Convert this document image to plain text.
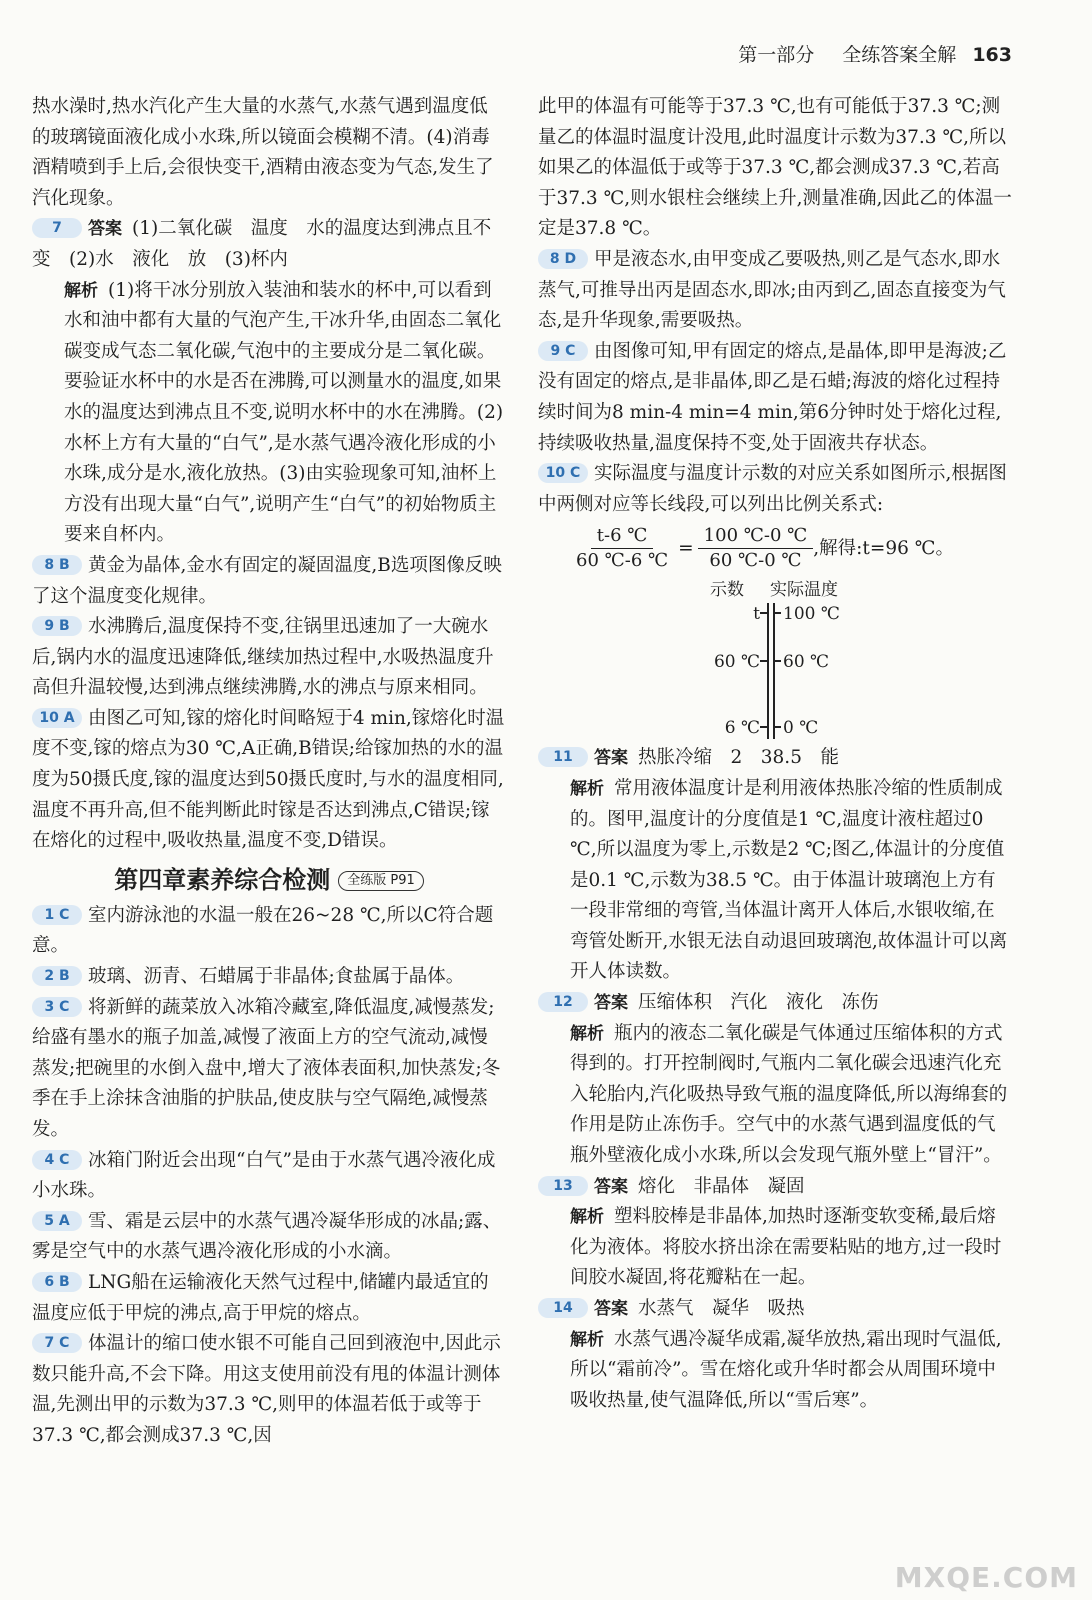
第一部分 全练答案全解 163
热水澡时,热水汽化产生大量的水蒸气,水蒸气遇到温度低的玻璃镜面液化成小水珠,所以镜面会模糊不清。(4)消毒酒精喷到手上后,会很快变干,酒精由液态变为气态,发生了汽化现象。
7 答案 (1)二氧化碳　温度　水的温度达到沸点且不变　(2)水　液化　放　(3)杯内
解析 (1)将干冰分别放入装油和装水的杯中,可以看到水和油中都有大量的气泡产生,干冰升华,由固态二氧化碳变成气态二氧化碳,气泡中的主要成分是二氧化碳。要验证水杯中的水是否在沸腾,可以测量水的温度,如果水的温度达到沸点且不变,说明水杯中的水在沸腾。(2)水杯上方有大量的“白气”,是水蒸气遇冷液化形成的小水珠,成分是水,液化放热。(3)由实验现象可知,油杯上方没有出现大量“白气”,说明产生“白气”的初始物质主要来自杯内。
8 B 黄金为晶体,金水有固定的凝固温度,B选项图像反映了这个温度变化规律。
9 B 水沸腾后,温度保持不变,往锅里迅速加了一大碗水后,锅内水的温度迅速降低,继续加热过程中,水吸热温度升高但升温较慢,达到沸点继续沸腾,水的沸点与原来相同。
10 A 由图乙可知,镓的熔化时间略短于4 min,镓熔化时温度不变,镓的熔点为30 ℃,A正确,B错误;给镓加热的水的温度为50摄氏度,镓的温度达到50摄氏度时,与水的温度相同,温度不再升高,但不能判断此时镓是否达到沸点,C错误;镓在熔化的过程中,吸收热量,温度不变,D错误。
第四章素养综合检测 全练版 P91
1 C 室内游泳池的水温一般在26~28 ℃,所以C符合题意。
2 B 玻璃、沥青、石蜡属于非晶体;食盐属于晶体。
3 C 将新鲜的蔬菜放入冰箱冷藏室,降低温度,减慢蒸发;给盛有墨水的瓶子加盖,减慢了液面上方的空气流动,减慢蒸发;把碗里的水倒入盘中,增大了液体表面积,加快蒸发;冬季在手上涂抹含油脂的护肤品,使皮肤与空气隔绝,减慢蒸发。
4 C 冰箱门附近会出现“白气”是由于水蒸气遇冷液化成小水珠。
5 A 雪、霜是云层中的水蒸气遇冷凝华形成的冰晶;露、雾是空气中的水蒸气遇冷液化形成的小水滴。
6 B LNG船在运输液化天然气过程中,储罐内最适宜的温度应低于甲烷的沸点,高于甲烷的熔点。
7 C 体温计的缩口使水银不可能自己回到液泡中,因此示数只能升高,不会下降。用这支使用前没有甩的体温计测体温,先测出甲的示数为37.3 ℃,则甲的体温若低于或等于37.3 ℃,都会测成37.3 ℃,因
此甲的体温有可能等于37.3 ℃,也有可能低于37.3 ℃;测量乙的体温时温度计没甩,此时温度计示数为37.3 ℃,所以如果乙的体温低于或等于37.3 ℃,都会测成37.3 ℃,若高于37.3 ℃,则水银柱会继续上升,测量准确,因此乙的体温一定是37.8 ℃。
8 D 甲是液态水,由甲变成乙要吸热,则乙是气态水,即水蒸气,可推导出丙是固态水,即冰;由丙到乙,固态直接变为气态,是升华现象,需要吸热。
9 C 由图像可知,甲有固定的熔点,是晶体,即甲是海波;乙没有固定的熔点,是非晶体,即乙是石蜡;海波的熔化过程持续时间为8 min-4 min=4 min,第6分钟时处于熔化过程,持续吸收热量,温度保持不变,处于固液共存状态。
10 C 实际温度与温度计示数的对应关系如图所示,根据图中两侧对应等长线段,可以列出比例关系式:
$\frac{t-6 ℃}{60 ℃-6 ℃} = \frac{100 ℃-0 ℃}{60 ℃-0 ℃}$ ,解得:t=96 ℃。
示数 实际温度
t
60 ℃
6 ℃
100 ℃
60 ℃
0 ℃
11 答案 热胀冷缩　2　38.5　能
解析 常用液体温度计是利用液体热胀冷缩的性质制成的。图甲,温度计的分度值是1 ℃,温度计液柱超过0 ℃,所以温度为零上,示数是2 ℃;图乙,体温计的分度值是0.1 ℃,示数为38.5 ℃。由于体温计玻璃泡上方有一段非常细的弯管,当体温计离开人体后,水银收缩,在弯管处断开,水银无法自动退回玻璃泡,故体温计可以离开人体读数。
12 答案 压缩体积　汽化　液化　冻伤
解析 瓶内的液态二氧化碳是气体通过压缩体积的方式得到的。打开控制阀时,气瓶内二氧化碳会迅速汽化充入轮胎内,汽化吸热导致气瓶的温度降低,所以海绵套的作用是防止冻伤手。空气中的水蒸气遇到温度低的气瓶外壁液化成小水珠,所以会发现气瓶外壁上“冒汗”。
13 答案 熔化　非晶体　凝固
解析 塑料胶棒是非晶体,加热时逐渐变软变稀,最后熔化为液体。将胶水挤出涂在需要粘贴的地方,过一段时间胶水凝固,将花瓣粘在一起。
14 答案 水蒸气　凝华　吸热
解析 水蒸气遇冷凝华成霜,凝华放热,霜出现时气温低,所以“霜前冷”。雪在熔化或升华时都会从周围环境中吸收热量,使气温降低,所以“雪后寒”。
MXQE.COM
